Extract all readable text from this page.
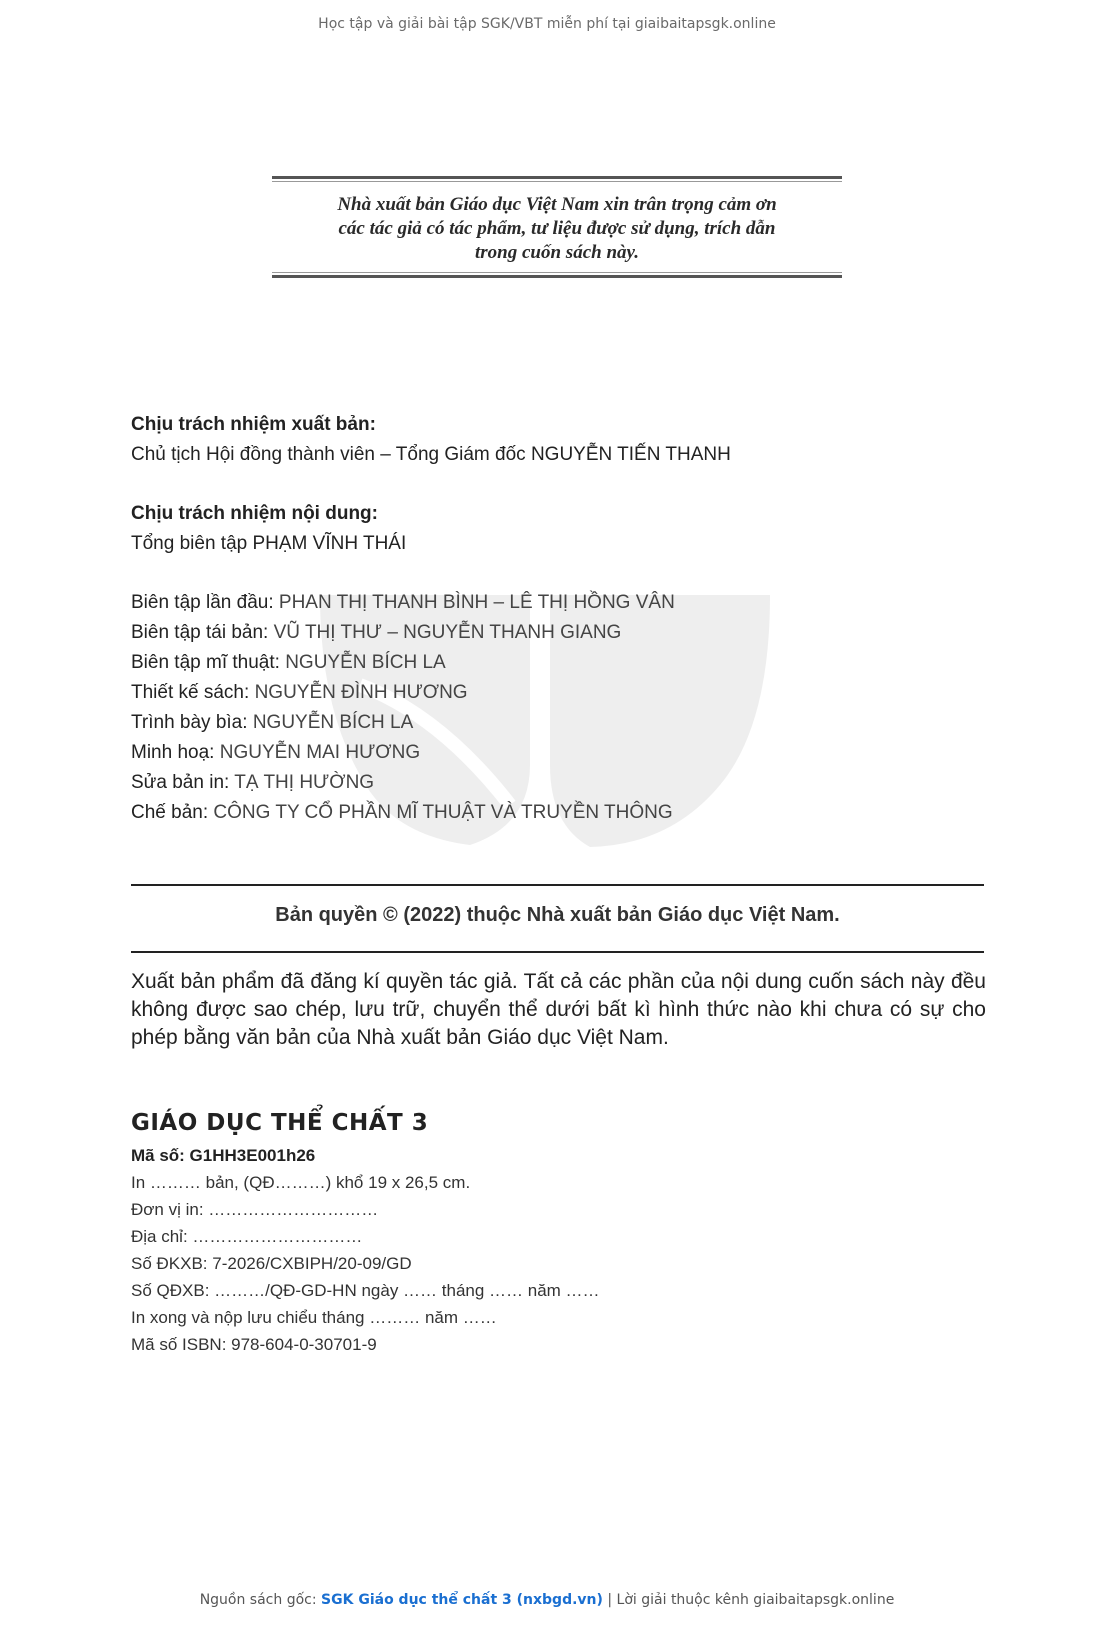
Học tập và giải bài tập SGK/VBT miễn phí tại giaibaitapsgk.online
Nhà xuất bản Giáo dục Việt Nam xin trân trọng cảm ơn
các tác giả có tác phẩm, tư liệu được sử dụng, trích dẫn
trong cuốn sách này.
Chịu trách nhiệm xuất bản:
Chủ tịch Hội đồng thành viên – Tổng Giám đốc NGUYỄN TIẾN THANH
Chịu trách nhiệm nội dung:
Tổng biên tập PHẠM VĨNH THÁI
Biên tập lần đầu: PHAN THỊ THANH BÌNH – LÊ THỊ HỒNG VÂN
Biên tập tái bản: VŨ THỊ THƯ – NGUYỄN THANH GIANG
Biên tập mĩ thuật: NGUYỄN BÍCH LA
Thiết kế sách: NGUYỄN ĐÌNH HƯƠNG
Trình bày bìa: NGUYỄN BÍCH LA
Minh hoạ: NGUYỄN MAI HƯƠNG
Sửa bản in: TẠ THỊ HƯỜNG
Chế bản: CÔNG TY CỔ PHẦN MĨ THUẬT VÀ TRUYỀN THÔNG
Bản quyền © (2022) thuộc Nhà xuất bản Giáo dục Việt Nam.
Xuất bản phẩm đã đăng kí quyền tác giả. Tất cả các phần của nội dung cuốn sách này đều không được sao chép, lưu trữ, chuyển thể dưới bất kì hình thức nào khi chưa có sự cho phép bằng văn bản của Nhà xuất bản Giáo dục Việt Nam.
GIÁO DỤC THỂ CHẤT 3
Mã số: G1HH3E001h26
In ……… bản, (QĐ………) khổ 19 x 26,5 cm.
Đơn vị in: …………………………
Địa chỉ: …………………………
Số ĐKXB: 7-2026/CXBIPH/20-09/GD
Số QĐXB: ………/QĐ-GD-HN ngày …… tháng …… năm ……
In xong và nộp lưu chiểu tháng ……… năm ……
Mã số ISBN: 978-604-0-30701-9
Nguồn sách gốc: SGK Giáo dục thể chất 3 (nxbgd.vn) | Lời giải thuộc kênh giaibaitapsgk.online
